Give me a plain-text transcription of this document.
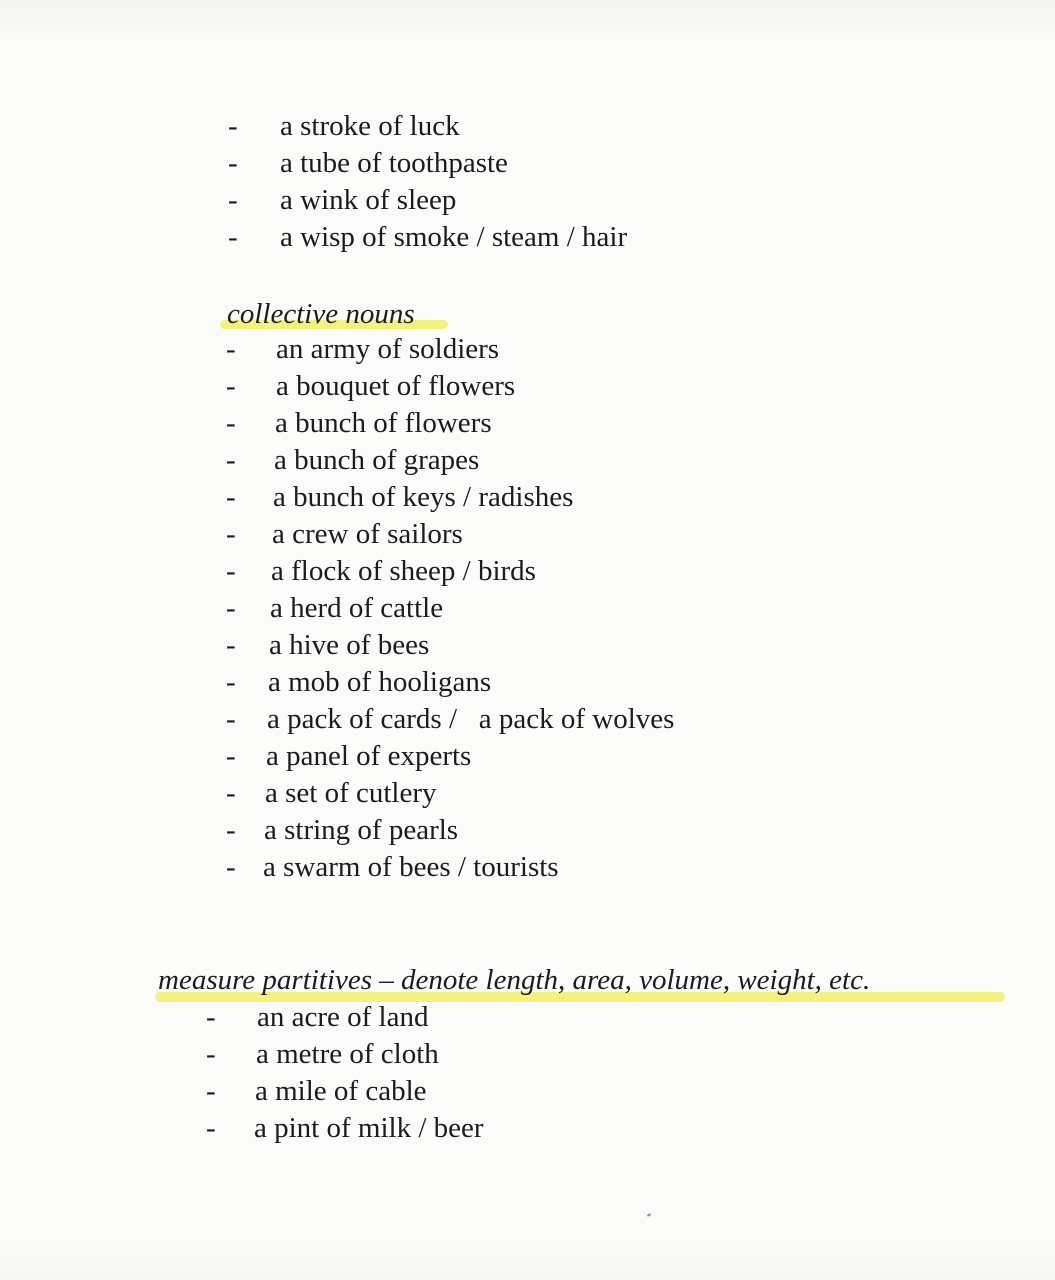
-	a stroke of luck
-	a tube of toothpaste
-	a wink of sleep
-	a wisp of smoke / steam / hair
collective nouns
-	an army of soldiers
-	a bouquet of flowers
-	a bunch of flowers
-	a bunch of grapes
-	a bunch of keys / radishes
-	a crew of sailors
-	a flock of sheep / birds
-	a herd of cattle
-	a hive of bees
-	a mob of hooligans
-	a pack of cards /   a pack of wolves
-	a panel of experts
-	a set of cutlery
- a string of pearls
- a swarm of bees / tourists
measure partitives – denote length, area, volume, weight, etc.
-	an acre of land
-	a metre of cloth
-	a mile of cable
-	a pint of milk / beer
